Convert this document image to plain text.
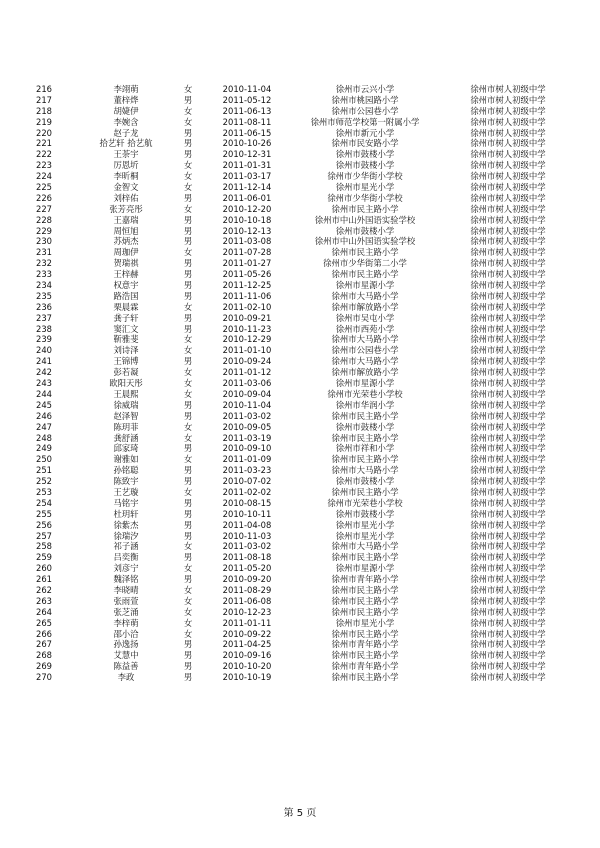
216	李翊萌	女	2010-11-04	徐州市云兴小学	徐州市树人初级中学
217	董梓烨	男	2011-05-12	徐州市桃园路小学	徐州市树人初级中学
218	胡婕伊	女	2011-06-13	徐州市公园巷小学	徐州市树人初级中学
219	李婉含	女	2011-08-11	徐州市师范学校第一附属小学	徐州市树人初级中学
220	赵子龙	男	2011-06-15	徐州市新元小学	徐州市树人初级中学
221	拾艺轩 拾艺航	男	2010-10-26	徐州市民安路小学	徐州市树人初级中学
222	王荼宇	男	2010-12-31	徐州市鼓楼小学	徐州市树人初级中学
223	厉恩圻	女	2011-01-31	徐州市鼓楼小学	徐州市树人初级中学
224	李昕桐	女	2011-03-17	徐州市少华街小学校	徐州市树人初级中学
225	金智文	女	2011-12-14	徐州市星光小学	徐州市树人初级中学
226	刘梓佑	男	2011-06-01	徐州市少华街小学校	徐州市树人初级中学
227	张芳亮彤	女	2010-12-20	徐州市民主路小学	徐州市树人初级中学
228	王嘉瑞	男	2010-10-18	徐州市中山外国语实验学校	徐州市树人初级中学
229	周恒旭	男	2010-12-13	徐州市鼓楼小学	徐州市树人初级中学
230	苏炳杰	男	2011-03-08	徐州市中山外国语实验学校	徐州市树人初级中学
231	周珈伊	女	2011-07-28	徐州市民主路小学	徐州市树人初级中学
232	贺瑞祺	男	2011-01-27	徐州市少华街第二小学	徐州市树人初级中学
233	王梓赫	男	2011-05-26	徐州市民主路小学	徐州市树人初级中学
234	权意宇	男	2011-12-25	徐州市星源小学	徐州市树人初级中学
235	路浩国	男	2011-11-06	徐州市大马路小学	徐州市树人初级中学
236	栗晨霖	女	2011-02-10	徐州市解放路小学	徐州市树人初级中学
237	龚子轩	男	2010-09-21	徐州市吴屯小学	徐州市树人初级中学
238	窦汇文	男	2010-11-23	徐州市西苑小学	徐州市树人初级中学
239	靳雅斐	女	2010-12-29	徐州市大马路小学	徐州市树人初级中学
240	刘诗泽	女	2011-01-10	徐州市公园巷小学	徐州市树人初级中学
241	王锦博	男	2010-09-24	徐州市大马路小学	徐州市树人初级中学
242	彭若凝	女	2011-01-12	徐州市解放路小学	徐州市树人初级中学
243	欧阳天彤	女	2011-03-06	徐州市星源小学	徐州市树人初级中学
244	王晨熙	女	2010-09-04	徐州市光荣巷小学校	徐州市树人初级中学
245	徐威瑞	男	2010-11-04	徐州市华润小学	徐州市树人初级中学
246	赵泽智	男	2011-03-02	徐州市民主路小学	徐州市树人初级中学
247	陈玥菲	女	2010-09-05	徐州市鼓楼小学	徐州市树人初级中学
248	龚舒涵	女	2011-03-19	徐州市民主路小学	徐州市树人初级中学
249	邱家琦	男	2010-09-10	徐州市祥和小学	徐州市树人初级中学
250	谢雅如	女	2011-01-09	徐州市民主路小学	徐州市树人初级中学
251	孙铭聪	男	2011-03-23	徐州市大马路小学	徐州市树人初级中学
252	陈致宇	男	2010-07-02	徐州市鼓楼小学	徐州市树人初级中学
253	王艺璇	女	2011-02-02	徐州市民主路小学	徐州市树人初级中学
254	马铭宇	男	2010-08-15	徐州市光荣巷小学校	徐州市树人初级中学
255	杜玥轩	男	2010-10-11	徐州市鼓楼小学	徐州市树人初级中学
256	徐紫杰	男	2011-04-08	徐州市星光小学	徐州市树人初级中学
257	徐瑞汐	男	2010-11-03	徐州市星光小学	徐州市树人初级中学
258	祁子涵	女	2011-03-02	徐州市大马路小学	徐州市树人初级中学
259	吕奕衡	男	2011-08-18	徐州市民主路小学	徐州市树人初级中学
260	刘彦宁	女	2011-05-20	徐州市星源小学	徐州市树人初级中学
261	魏泽铭	男	2010-09-20	徐州市青年路小学	徐州市树人初级中学
262	李晓晴	女	2011-08-29	徐州市民主路小学	徐州市树人初级中学
263	张雨萱	女	2011-06-08	徐州市民主路小学	徐州市树人初级中学
264	张芝涌	女	2010-12-23	徐州市民主路小学	徐州市树人初级中学
265	李梓萌	女	2011-01-11	徐州市星光小学	徐州市树人初级中学
266	邵小洽	女	2010-09-22	徐州市民主路小学	徐州市树人初级中学
267	孙逸扬	男	2011-04-25	徐州市青年路小学	徐州市树人初级中学
268	艾慧中	男	2010-09-16	徐州市民主路小学	徐州市树人初级中学
269	陈益善	男	2010-10-20	徐州市青年路小学	徐州市树人初级中学
270	李政	男	2010-10-19	徐州市民主路小学	徐州市树人初级中学
第 5 页
